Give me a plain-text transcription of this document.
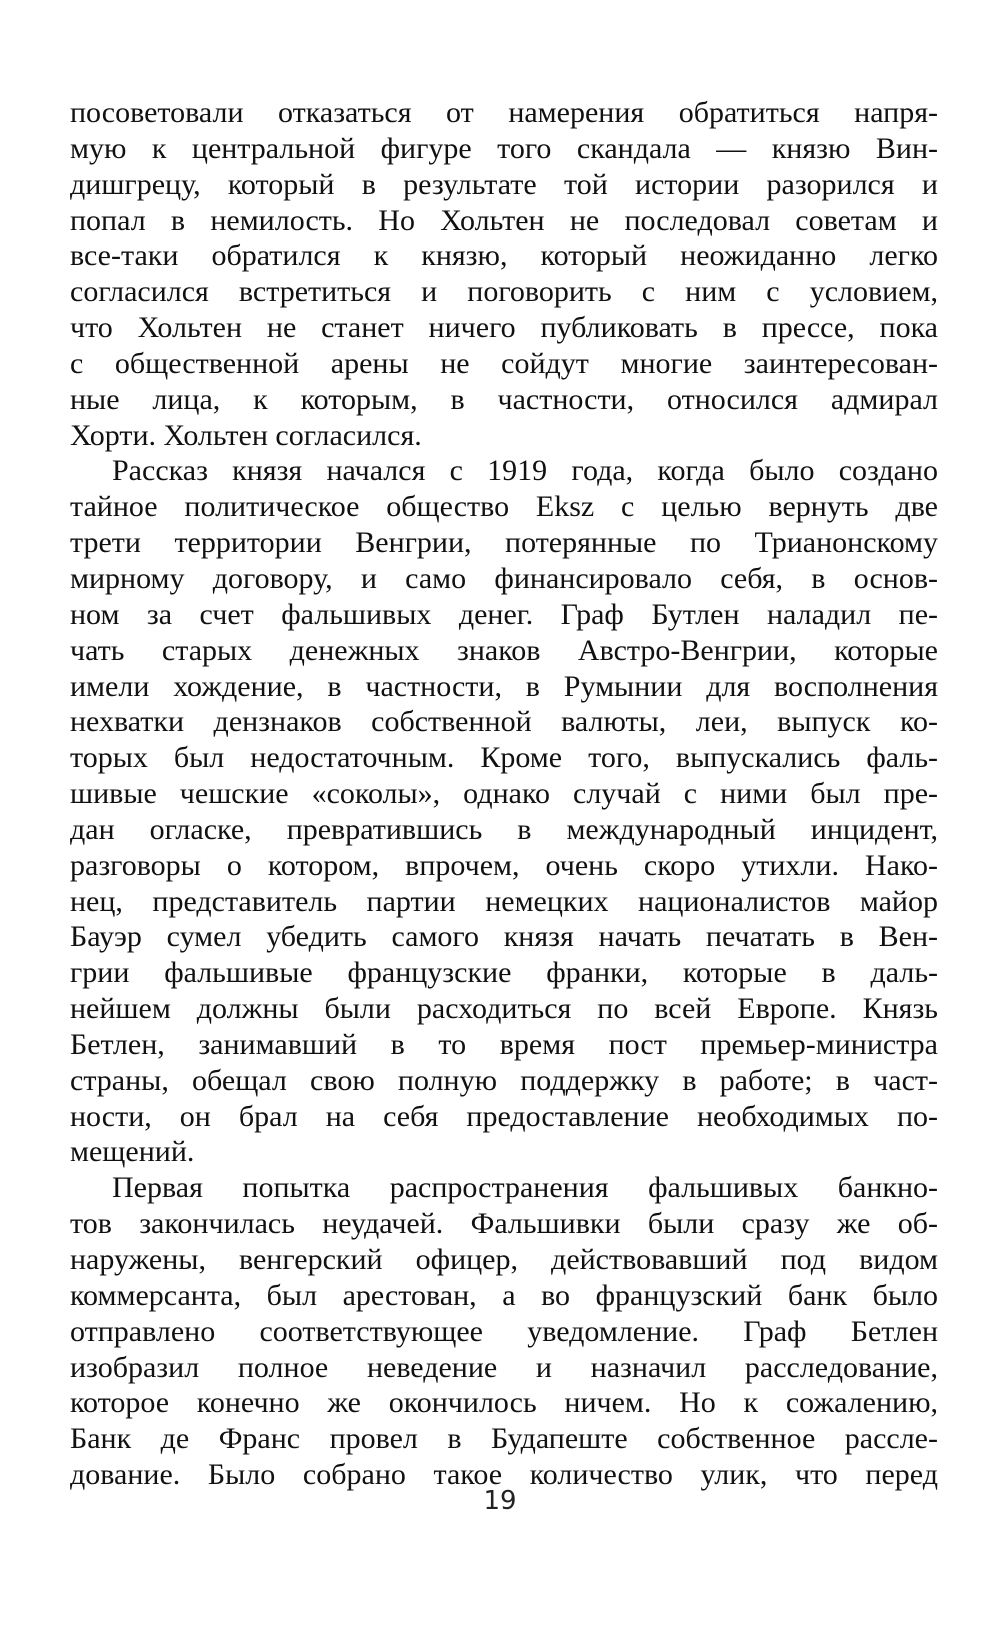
посоветовали отказаться от намерения обратиться напря-
мую к центральной фигуре того скандала — князю Вин-
дишгрецу, который в результате той истории разорился и
попал в немилость. Но Хольтен не последовал советам и
все-таки обратился к князю, который неожиданно легко
согласился встретиться и поговорить с ним с условием,
что Хольтен не станет ничего публиковать в прессе, пока
с общественной арены не сойдут многие заинтересован-
ные лица, к которым, в частности, относился адмирал
Хорти. Хольтен согласился.
Рассказ князя начался с 1919 года, когда было создано
тайное политическое общество Eksz с целью вернуть две
трети территории Венгрии, потерянные по Трианонскому
мирному договору, и само финансировало себя, в основ-
ном за счет фальшивых денег. Граф Бутлен наладил пе-
чать старых денежных знаков Австро-Венгрии, которые
имели хождение, в частности, в Румынии для восполнения
нехватки дензнаков собственной валюты, леи, выпуск ко-
торых был недостаточным. Кроме того, выпускались фаль-
шивые чешские «соколы», однако случай с ними был пре-
дан огласке, превратившись в международный инцидент,
разговоры о котором, впрочем, очень скоро утихли. Нако-
нец, представитель партии немецких националистов майор
Бауэр сумел убедить самого князя начать печатать в Вен-
грии фальшивые французские франки, которые в даль-
нейшем должны были расходиться по всей Европе. Князь
Бетлен, занимавший в то время пост премьер-министра
страны, обещал свою полную поддержку в работе; в част-
ности, он брал на себя предоставление необходимых по-
мещений.
Первая попытка распространения фальшивых банкно-
тов закончилась неудачей. Фальшивки были сразу же об-
наружены, венгерский офицер, действовавший под видом
коммерсанта, был арестован, а во французский банк было
отправлено соответствующее уведомление. Граф Бетлен
изобразил полное неведение и назначил расследование,
которое конечно же окончилось ничем. Но к сожалению,
Банк де Франс провел в Будапеште собственное рассле-
дование. Было собрано такое количество улик, что перед
19
